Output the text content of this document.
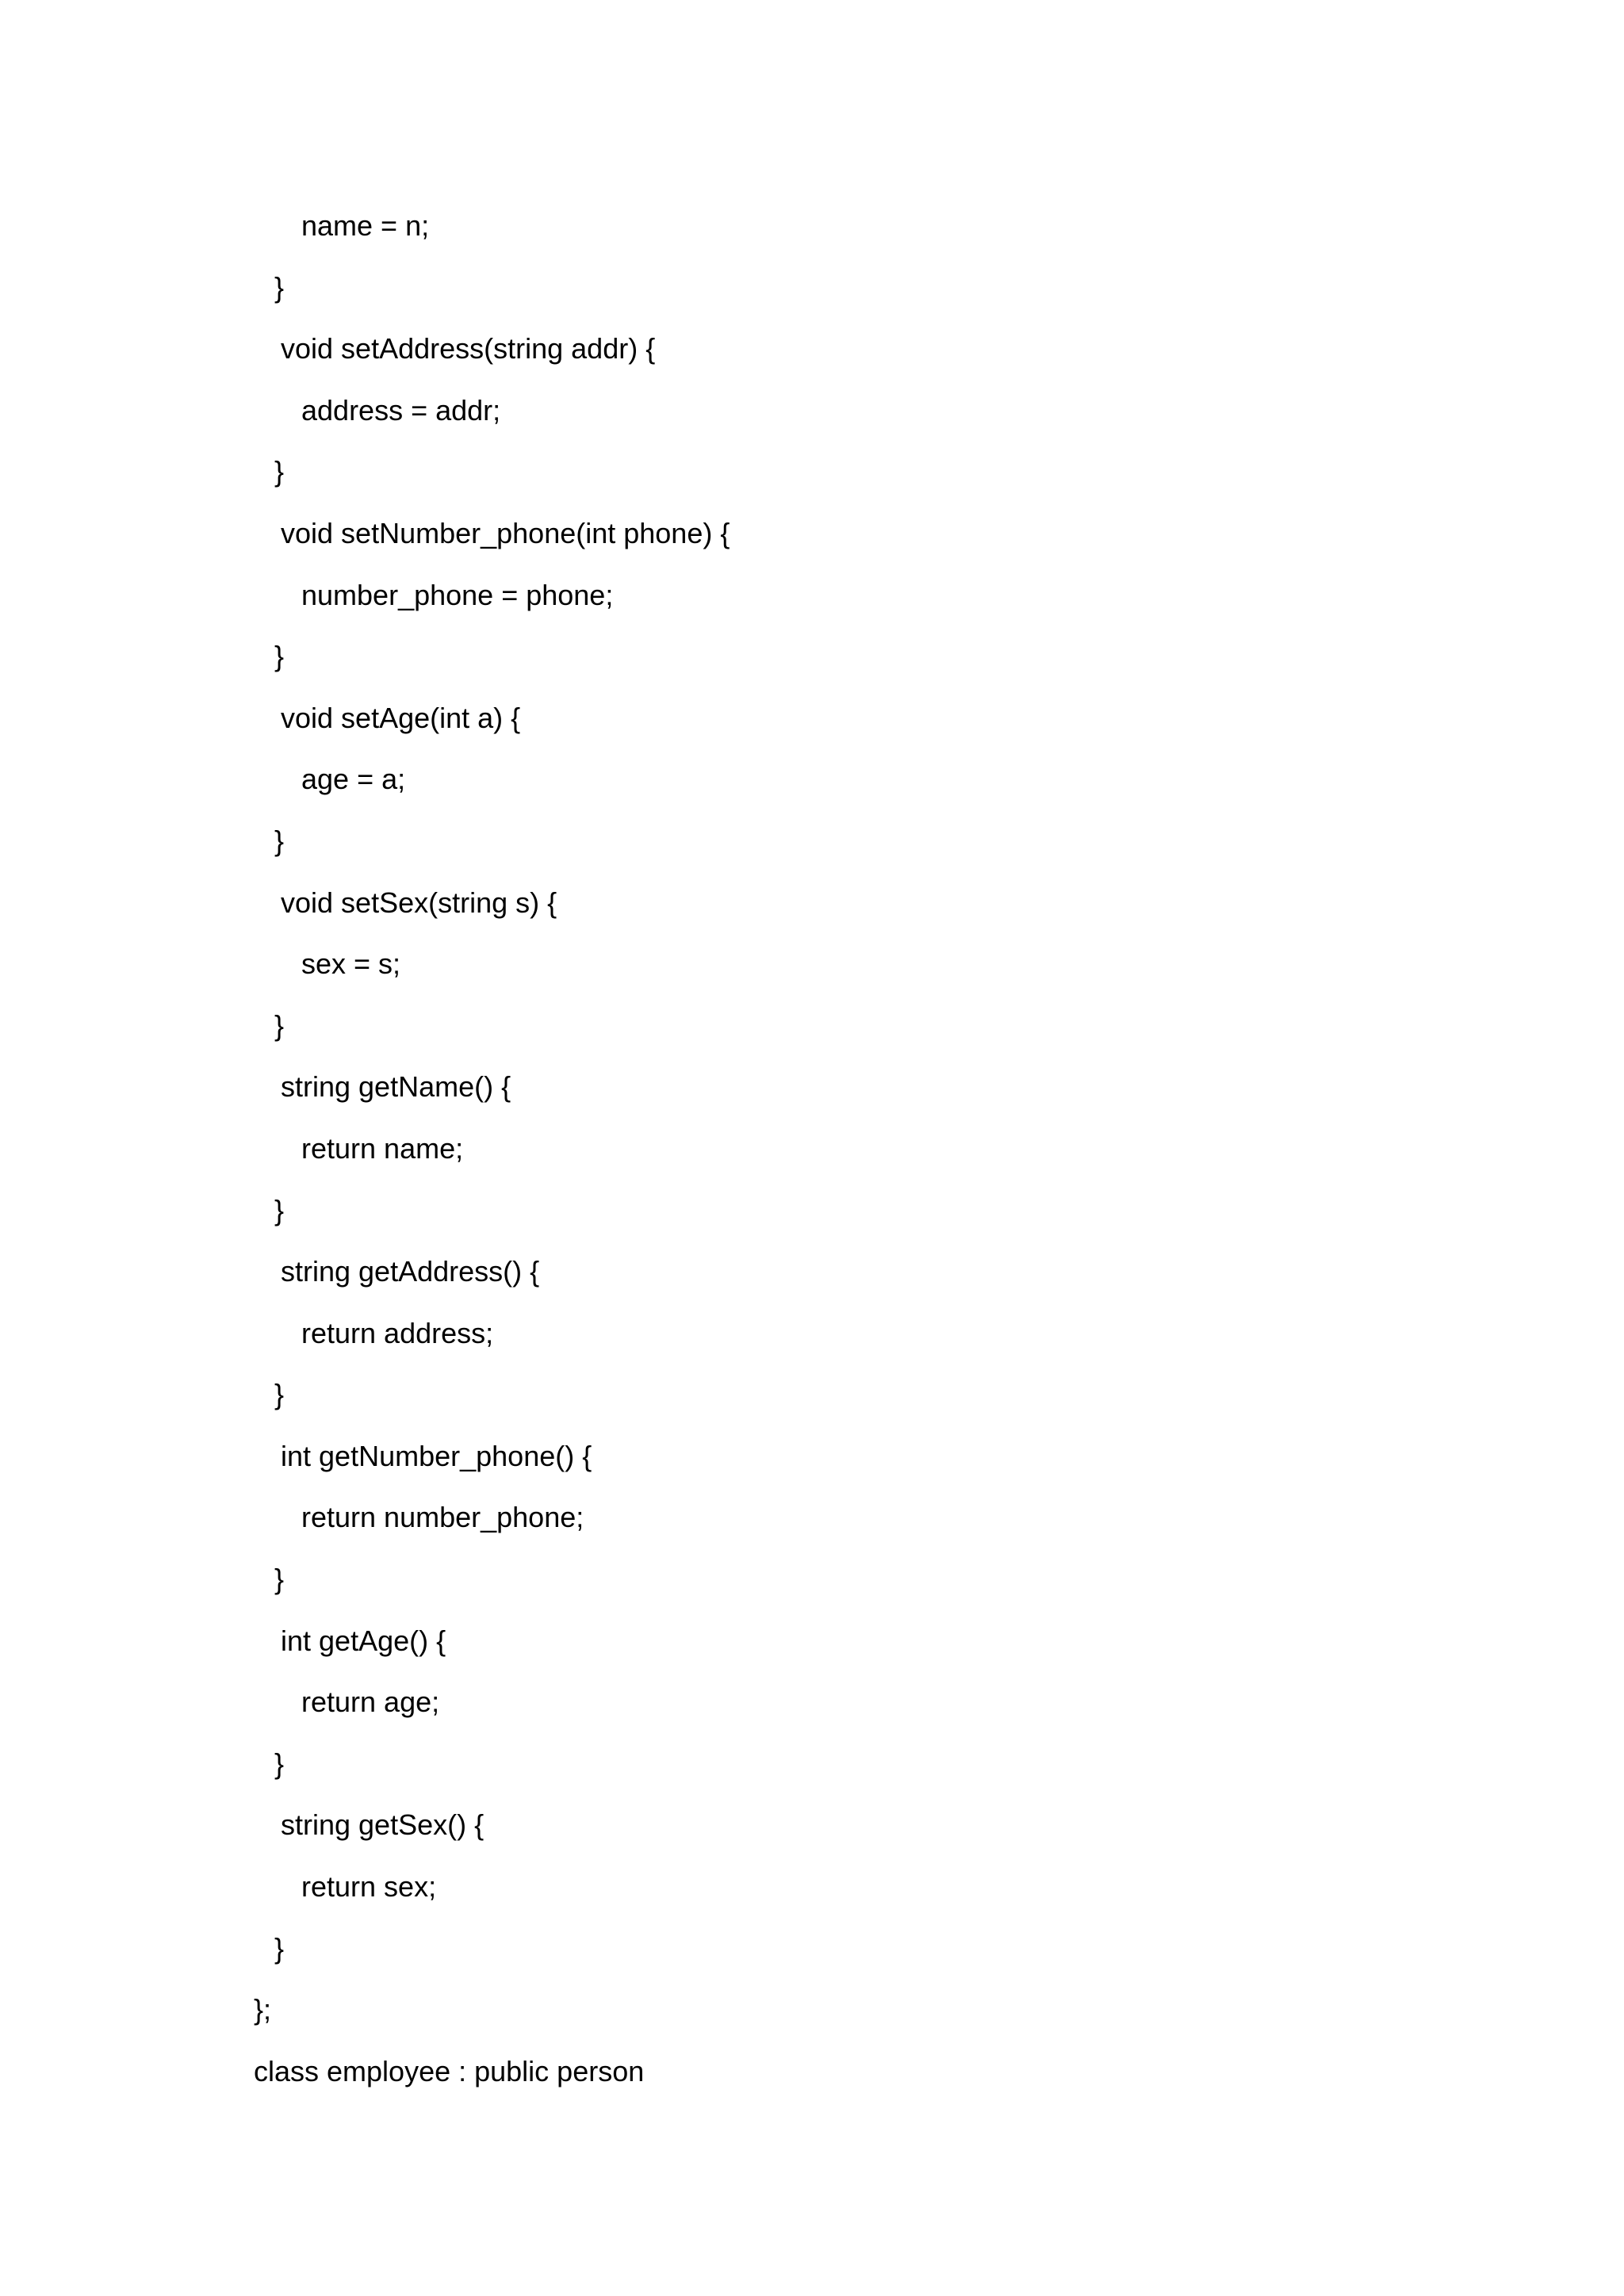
name = n;
}
void setAddress(string addr) {
address = addr;
}
void setNumber_phone(int phone) {
number_phone = phone;
}
void setAge(int a) {
age = a;
}
void setSex(string s) {
sex = s;
}
string getName() {
return name;
}
string getAddress() {
return address;
}
int getNumber_phone() {
return number_phone;
}
int getAge() {
return age;
}
string getSex() {
return sex;
}
};
class employee : public person
